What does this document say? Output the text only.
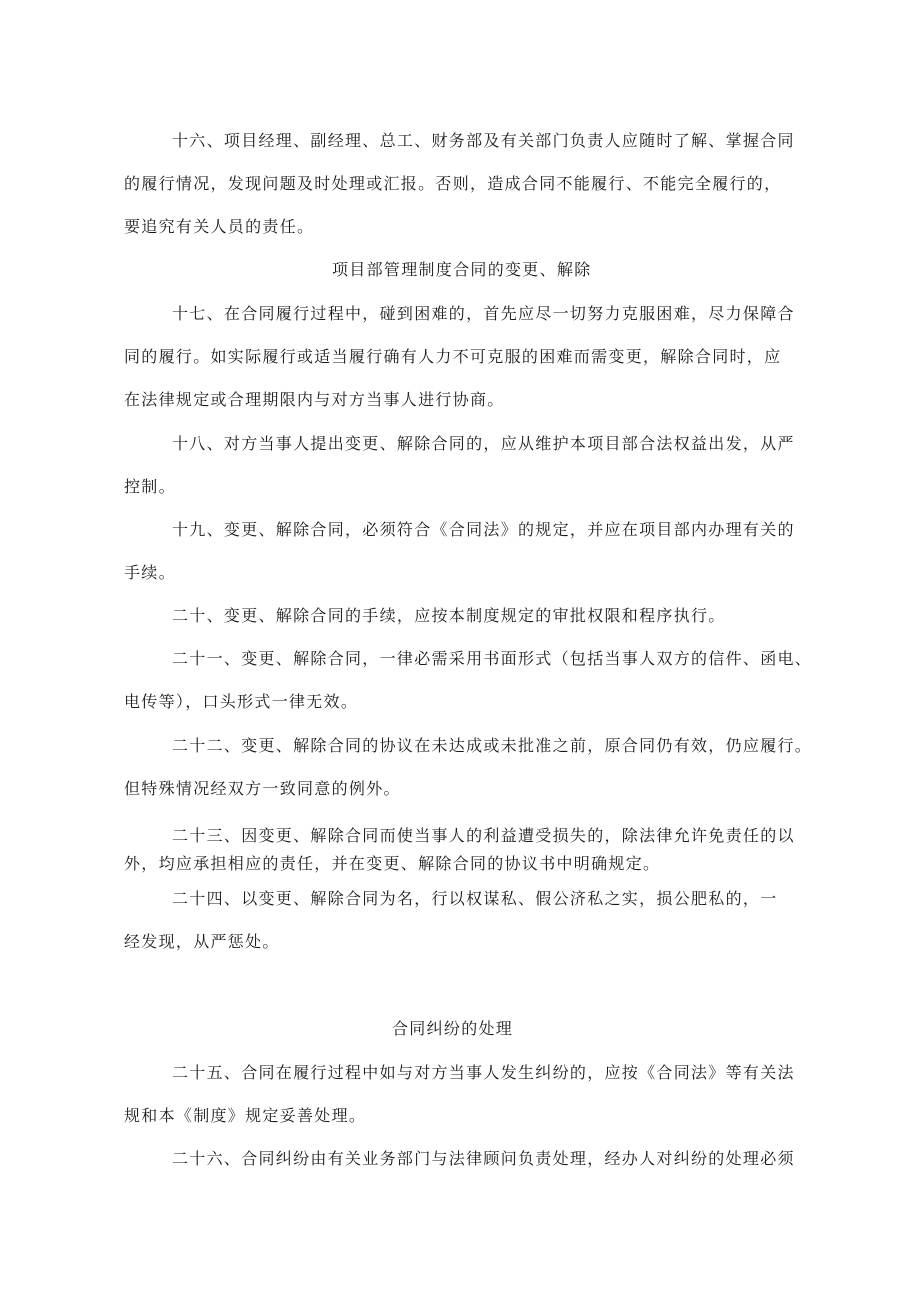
十六、项目经理、副经理、总工、财务部及有关部门负责人应随时了解、掌握合同
的履行情况，发现问题及时处理或汇报。否则，造成合同不能履行、不能完全履行的，
要追究有关人员的责任。
项目部管理制度合同的变更、解除
十七、在合同履行过程中，碰到困难的，首先应尽一切努力克服困难，尽力保障合
同的履行。如实际履行或适当履行确有人力不可克服的困难而需变更，解除合同时，应
在法律规定或合理期限内与对方当事人进行协商。
十八、对方当事人提出变更、解除合同的，应从维护本项目部合法权益出发，从严
控制。
十九、变更、解除合同，必须符合《合同法》的规定，并应在项目部内办理有关的
手续。
二十、变更、解除合同的手续，应按本制度规定的审批权限和程序执行。
二十一、变更、解除合同，一律必需采用书面形式（包括当事人双方的信件、函电、
电传等），口头形式一律无效。
二十二、变更、解除合同的协议在未达成或未批准之前，原合同仍有效，仍应履行。
但特殊情况经双方一致同意的例外。
二十三、因变更、解除合同而使当事人的利益遭受损失的，除法律允许免责任的以
外，均应承担相应的责任，并在变更、解除合同的协议书中明确规定。
二十四、以变更、解除合同为名，行以权谋私、假公济私之实，损公肥私的，一
经发现，从严惩处。
合同纠纷的处理
二十五、合同在履行过程中如与对方当事人发生纠纷的，应按《合同法》等有关法
规和本《制度》规定妥善处理。
二十六、合同纠纷由有关业务部门与法律顾问负责处理，经办人对纠纷的处理必须
